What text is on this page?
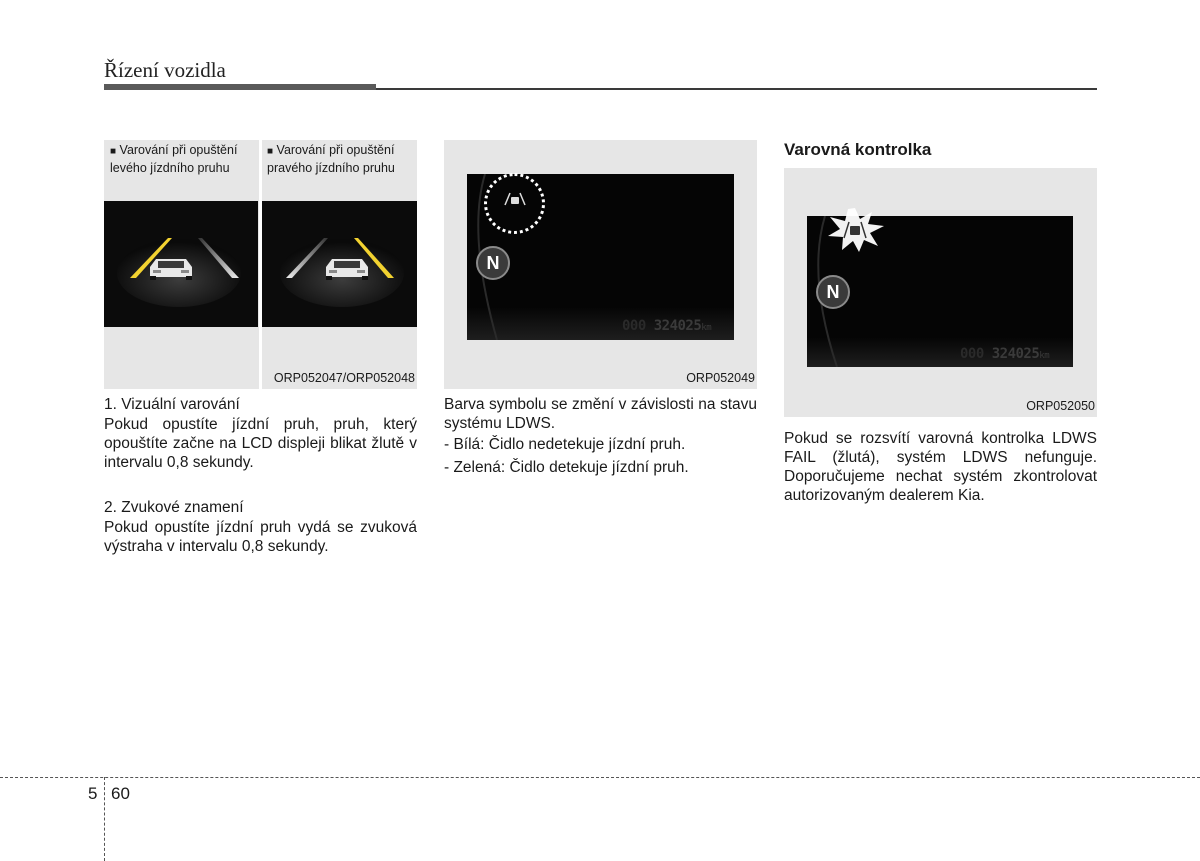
Řízení vozidla
■ Varování při opuštění levého jízdního pruhu
■ Varování při opuštění pravého jízdního pruhu
ORP052047/ORP052048
N
000 324025km
ORP052049
Varovná kontrolka
N
000 324025km
ORP052050
1. Vizuální varování
Pokud opustíte jízdní pruh, pruh, který opouštíte začne na LCD displeji blikat žlutě v intervalu 0,8 sekundy.
2. Zvukové znamení
Pokud opustíte jízdní pruh vydá se zvuková výstraha v intervalu 0,8 sekundy.
Barva symbolu se změní v závislosti na stavu systému LDWS.
- Bílá: Čidlo nedetekuje jízdní pruh.
- Zelená: Čidlo detekuje jízdní pruh.
Pokud se rozsvítí varovná kontrolka LDWS FAIL (žlutá), systém LDWS nefunguje. Doporučujeme nechat systém zkontrolovat autorizovaným dealerem Kia.
5 60
